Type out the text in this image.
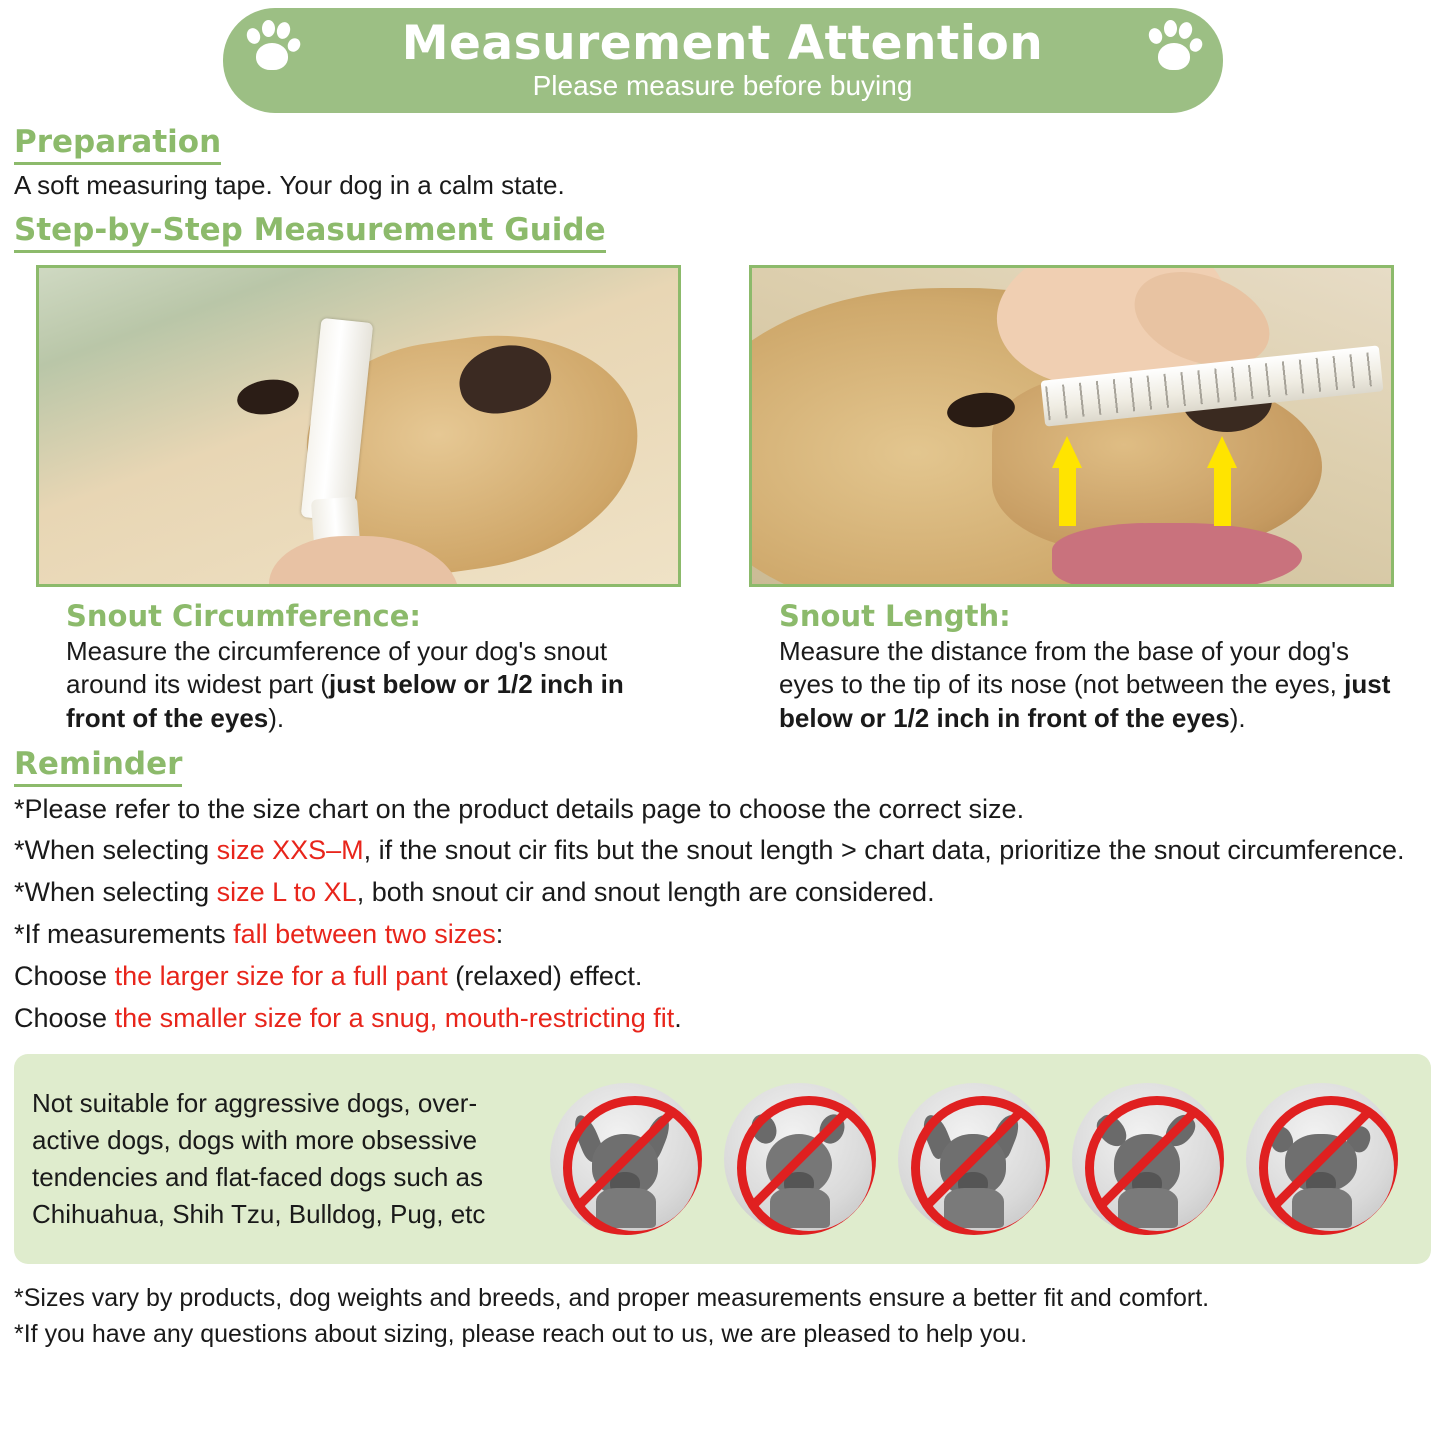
Measurement Attention
Please measure before buying
Preparation
A soft measuring tape. Your dog in a calm state.
Step-by-Step Measurement Guide
Snout Circumference:
Measure the circumference of your dog's snout around its widest part (just below or 1/2 inch in front of the eyes).
Snout Length:
Measure the distance from the base of your dog's eyes to the tip of its nose (not between the eyes, just below or 1/2 inch in front of the eyes).
Reminder
*Please refer to the size chart on the product details page to choose the correct size.
*When selecting size XXS–M, if the snout cir fits but the snout length > chart data, prioritize the snout circumference.
*When selecting size L to XL, both snout cir and snout length are considered.
*If measurements fall between two sizes:
Choose the larger size for a full pant (relaxed) effect.
Choose the smaller size for a snug, mouth-restricting fit.
Not suitable for aggressive dogs, over-active dogs, dogs with more obsessive tendencies and flat-faced dogs such as Chihuahua, Shih Tzu, Bulldog, Pug, etc
*Sizes vary by products, dog weights and breeds, and proper measurements ensure a better fit and comfort.
*If you have any questions about sizing, please reach out to us, we are pleased to help you.
